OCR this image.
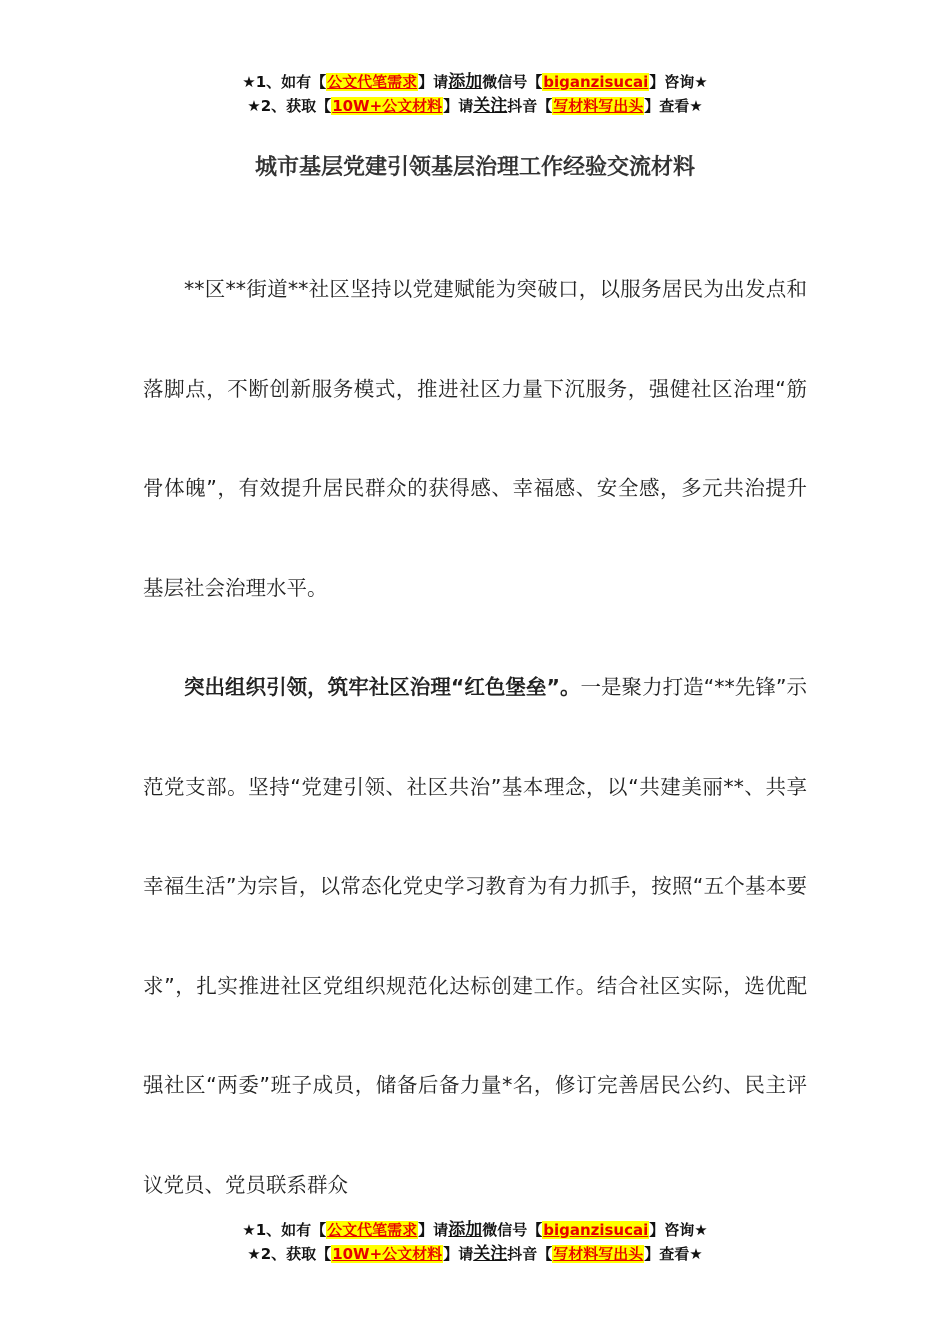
★1、如有【公文代笔需求】请添加微信号【biganzisucai】咨询★
★2、获取【10W+公文材料】请关注抖音【写材料写出头】查看★
城市基层党建引领基层治理工作经验交流材料

**区**街道**社区坚持以党建赋能为突破口，以服务居民为出发点和落脚点，不断创新服务模式，推进社区力量下沉服务，强健社区治理“筋骨体魄”，有效提升居民群众的获得感、幸福感、安全感，多元共治提升基层社会治理水平。

突出组织引领，筑牢社区治理“红色堡垒”。一是聚力打造“**先锋”示范党支部。坚持“党建引领、社区共治”基本理念，以“共建美丽**、共享幸福生活”为宗旨，以常态化党史学习教育为有力抓手，按照“五个基本要求”，扎实推进社区党组织规范化达标创建工作。结合社区实际，选优配强社区“两委”班子成员，储备后备力量*名，修订完善居民公约、民主评议党员、党员联系群众

★1、如有【公文代笔需求】请添加微信号【biganzisucai】咨询★
★2、获取【10W+公文材料】请关注抖音【写材料写出头】查看★
